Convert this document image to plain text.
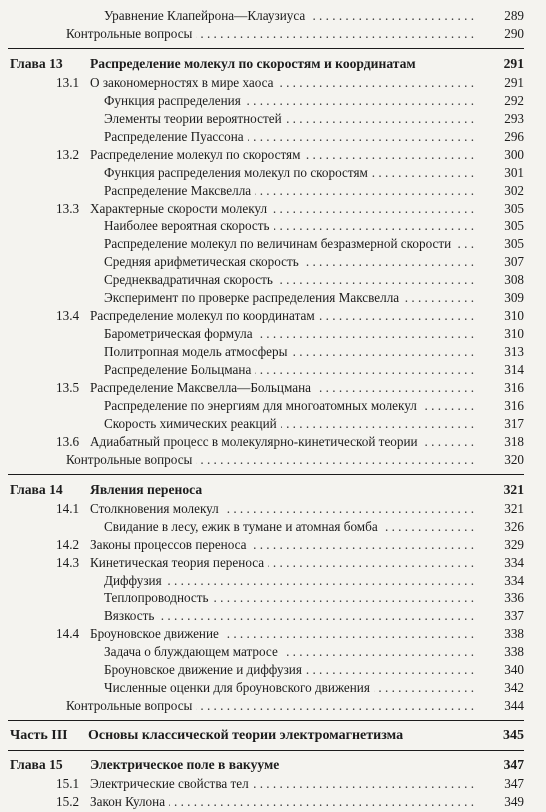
Уравнение Клапейрона—Клаузиуса	289
. . .
Контрольные вопросы	290
. . .
Глава 13	Распределение молекул по скоростям и координатам	291
13.1 О закономерностях в мире хаоса	291
. . .
Функция распределения	292
. . .
Элементы теории вероятностей	293
. . .
Распределение Пуассона	296
. . .
13.2 Распределение молекул по скоростям	300
. . .
Функция распределения молекул по скоростям	301
. . .
Распределение Максвелла	302
. . .
13.3 Характерные скорости молекул	305
. . .
Наиболее вероятная скорость	305
. . .
Распределение молекул по величинам безразмерной скорости	305
. . .
Средняя арифметическая скорость	307
. . .
Среднеквадратичная скорость	308
. . .
Эксперимент по проверке распределения Максвелла	309
. . .
13.4 Распределение молекул по координатам	310
. . .
Барометрическая формула	310
. . .
Политропная модель атмосферы	313
. . .
Распределение Больцмана	314
. . .
13.5 Распределение Максвелла—Больцмана	316
. . .
Распределение по энергиям для многоатомных молекул	316
. . .
Скорость химических реакций	317
. . .
13.6 Адиабатный процесс в молекулярно-кинетической теории	318
. . .
Контрольные вопросы	320
. . .
Глава 14	Явления переноса	321
14.1 Столкновения молекул	321
. . .
Свидание в лесу, ежик в тумане и атомная бомба	326
. . .
14.2 Законы процессов переноса	329
. . .
14.3 Кинетическая теория переноса	334
. . .
Диффузия	334
. . .
Теплопроводность	336
. . .
Вязкость	337
. . .
14.4 Броуновское движение	338
. . .
Задача о блуждающем матросе	338
. . .
Броуновское движение и диффузия	340
. . .
Численные оценки для броуновского движения	342
. . .
Контрольные вопросы	344
. . .
Часть III	Основы классической теории электромагнетизма	345
Глава 15	Электрическое поле в вакууме	347
15.1 Электрические свойства тел	347
. . .
15.2 Закон Кулона	349
. . .
